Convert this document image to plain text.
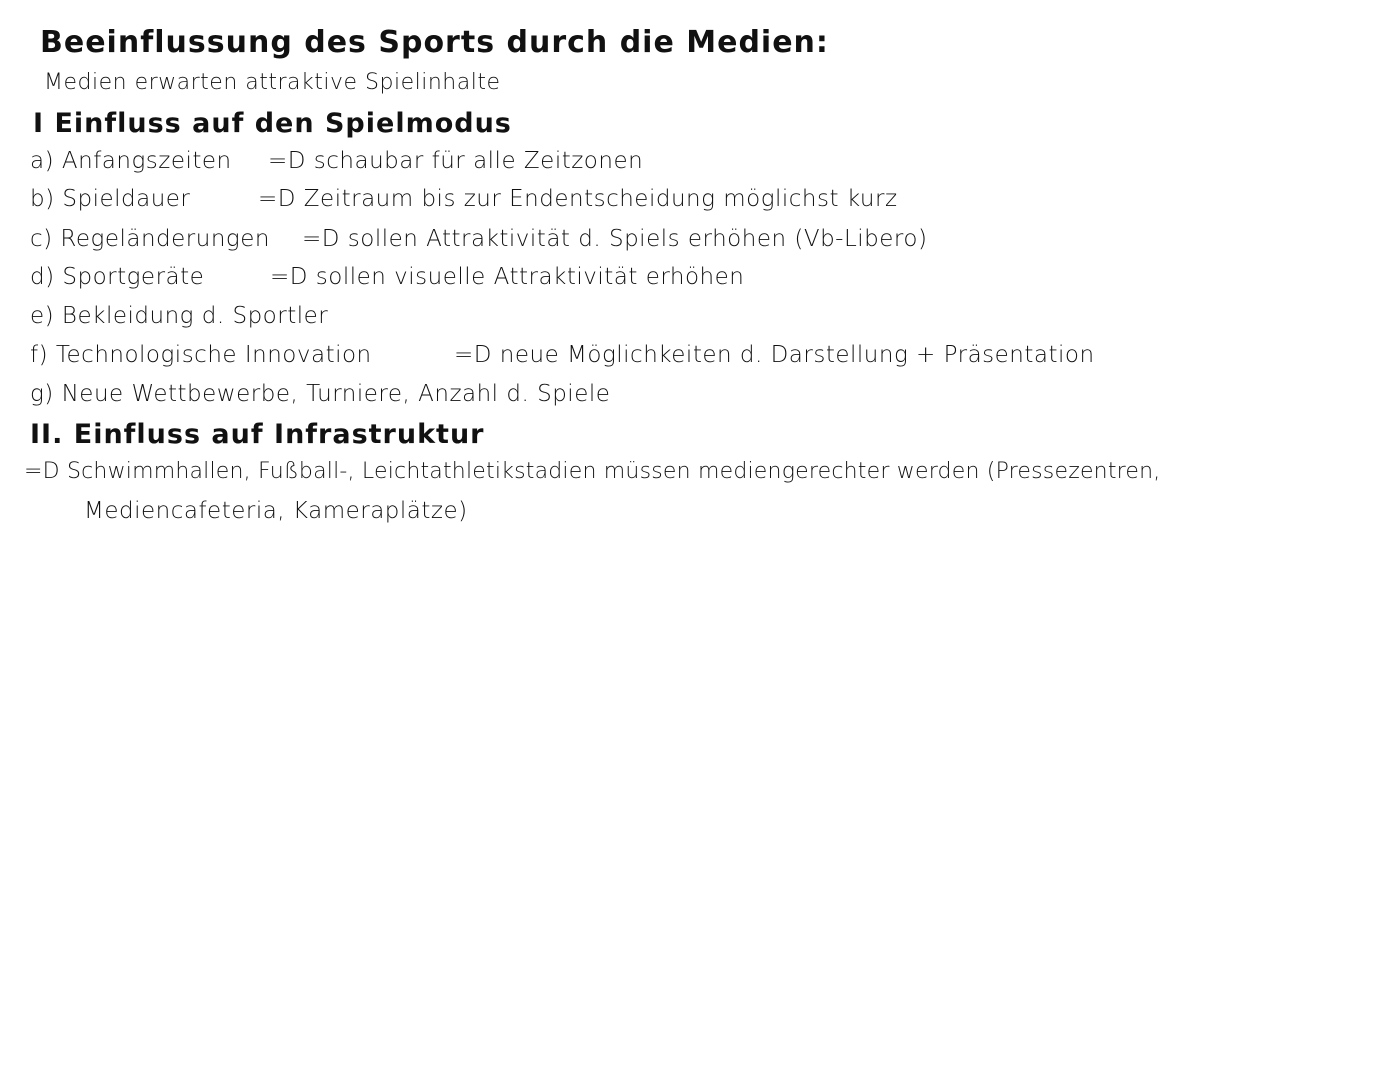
Beeinflussung des Sports durch die Medien:
Medien erwarten attraktive Spielinhalte
I Einfluss auf den Spielmodus
a) Anfangszeiten =D schaubar für alle Zeitzonen
b) Spieldauer	=D Zeitraum bis zur Endentscheidung möglichst kurz
c) Regeländerungen =D sollen Attraktivität d. Spiels erhöhen (Vb-Libero)
d) Sportgeräte	=D sollen visuelle Attraktivität erhöhen
e) Bekleidung d. Sportler
f) Technologische Innovation	=D neue Möglichkeiten d. Darstellung + Präsentation
g) Neue Wettbewerbe, Turniere, Anzahl d. Spiele
II. Einfluss auf Infrastruktur
=D Schwimmhallen, Fußball-, Leichtathletikstadien müssen mediengerechter werden (Pressezentren,
Mediencafeteria, Kameraplätze)
